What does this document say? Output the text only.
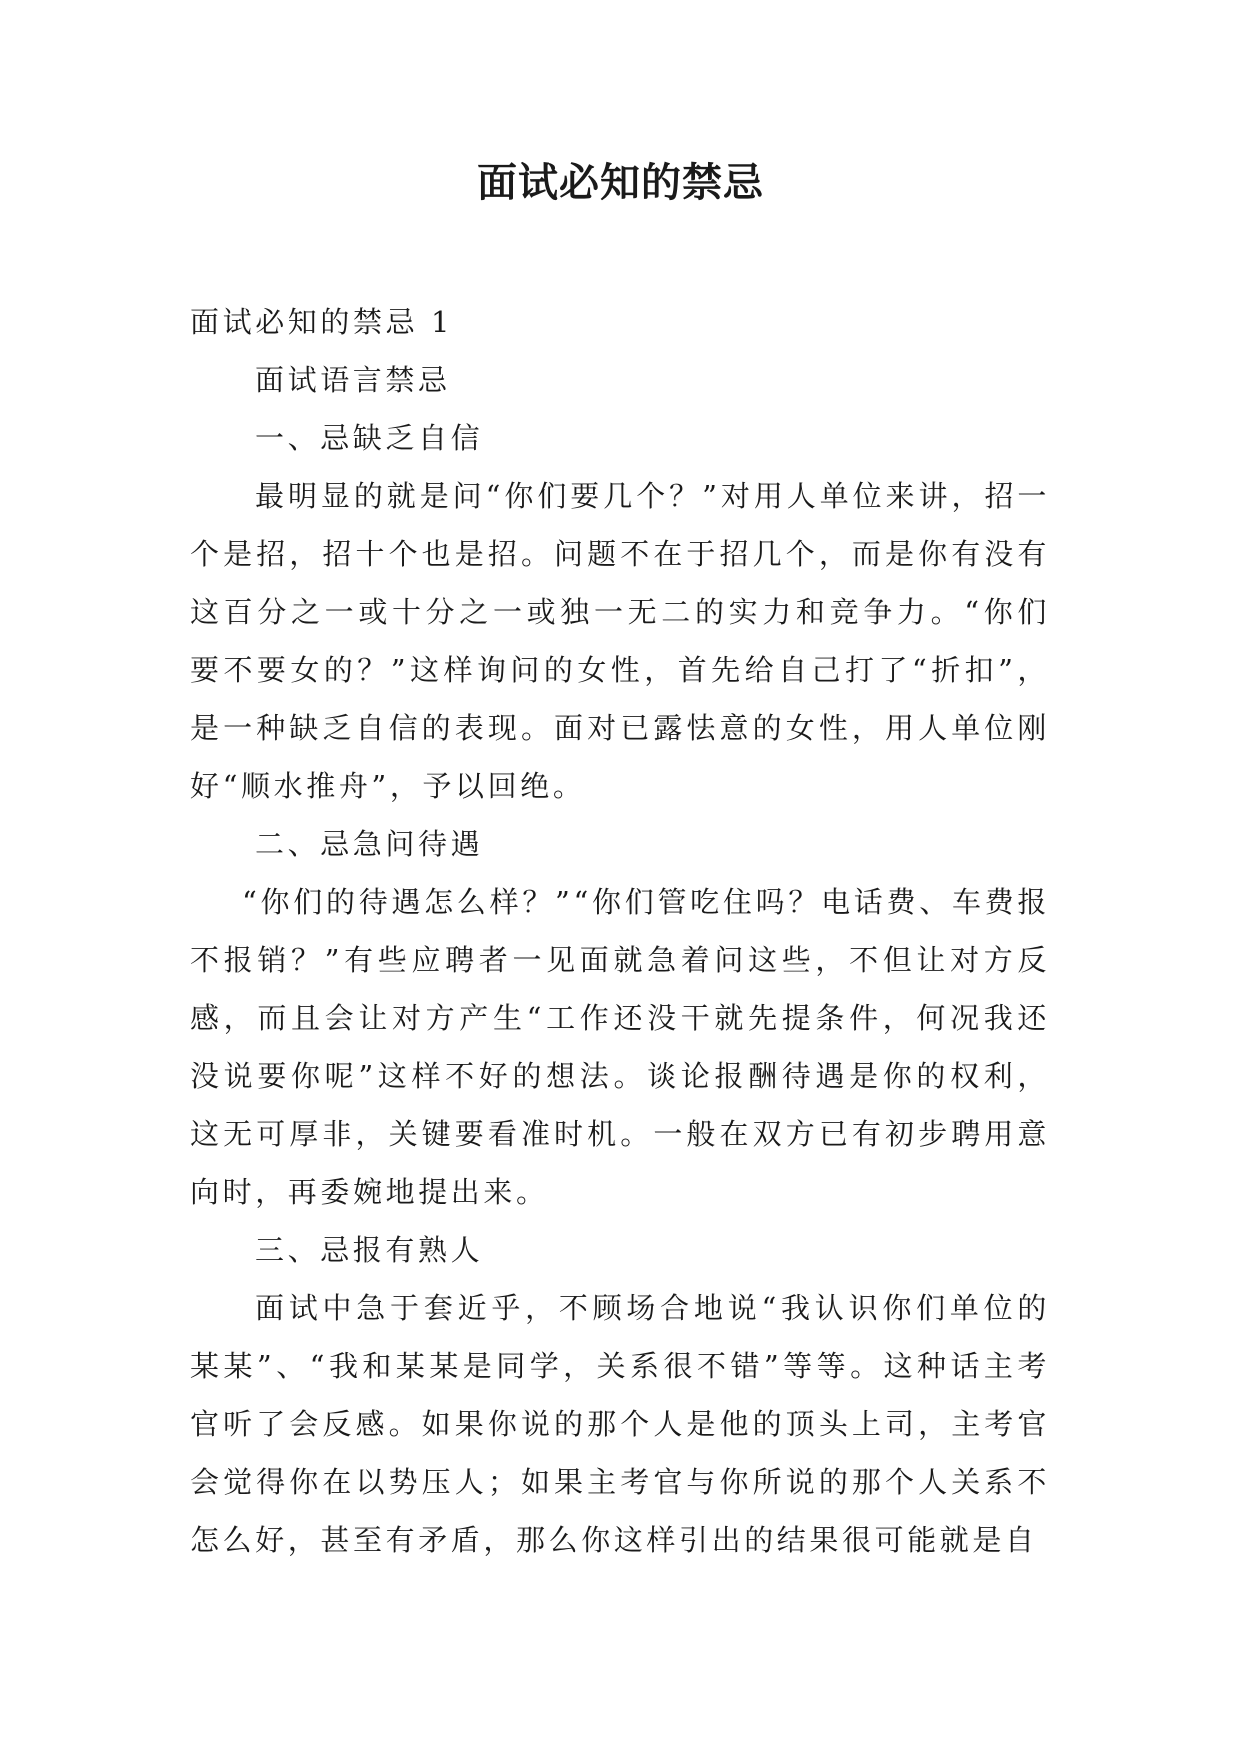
面试必知的禁忌

面试必知的禁忌 1

面试语言禁忌

一、忌缺乏自信

最明显的就是问“你们要几个？”对用人单位来讲，招一个是招，招十个也是招。问题不在于招几个，而是你有没有这百分之一或十分之一或独一无二的实力和竞争力。“你们要不要女的？”这样询问的女性，首先给自己打了“折扣”，是一种缺乏自信的表现。面对已露怯意的女性，用人单位刚好“顺水推舟”，予以回绝。

二、忌急问待遇

“你们的待遇怎么样？”“你们管吃住吗？电话费、车费报不报销？”有些应聘者一见面就急着问这些，不但让对方反感，而且会让对方产生“工作还没干就先提条件，何况我还没说要你呢”这样不好的想法。谈论报酬待遇是你的权利，这无可厚非，关键要看准时机。一般在双方已有初步聘用意向时，再委婉地提出来。

三、忌报有熟人

面试中急于套近乎，不顾场合地说“我认识你们单位的某某”、“我和某某是同学，关系很不错”等等。这种话主考官听了会反感。如果你说的那个人是他的顶头上司，主考官会觉得你在以势压人；如果主考官与你所说的那个人关系不怎么好，甚至有矛盾，那么你这样引出的结果很可能就是自
